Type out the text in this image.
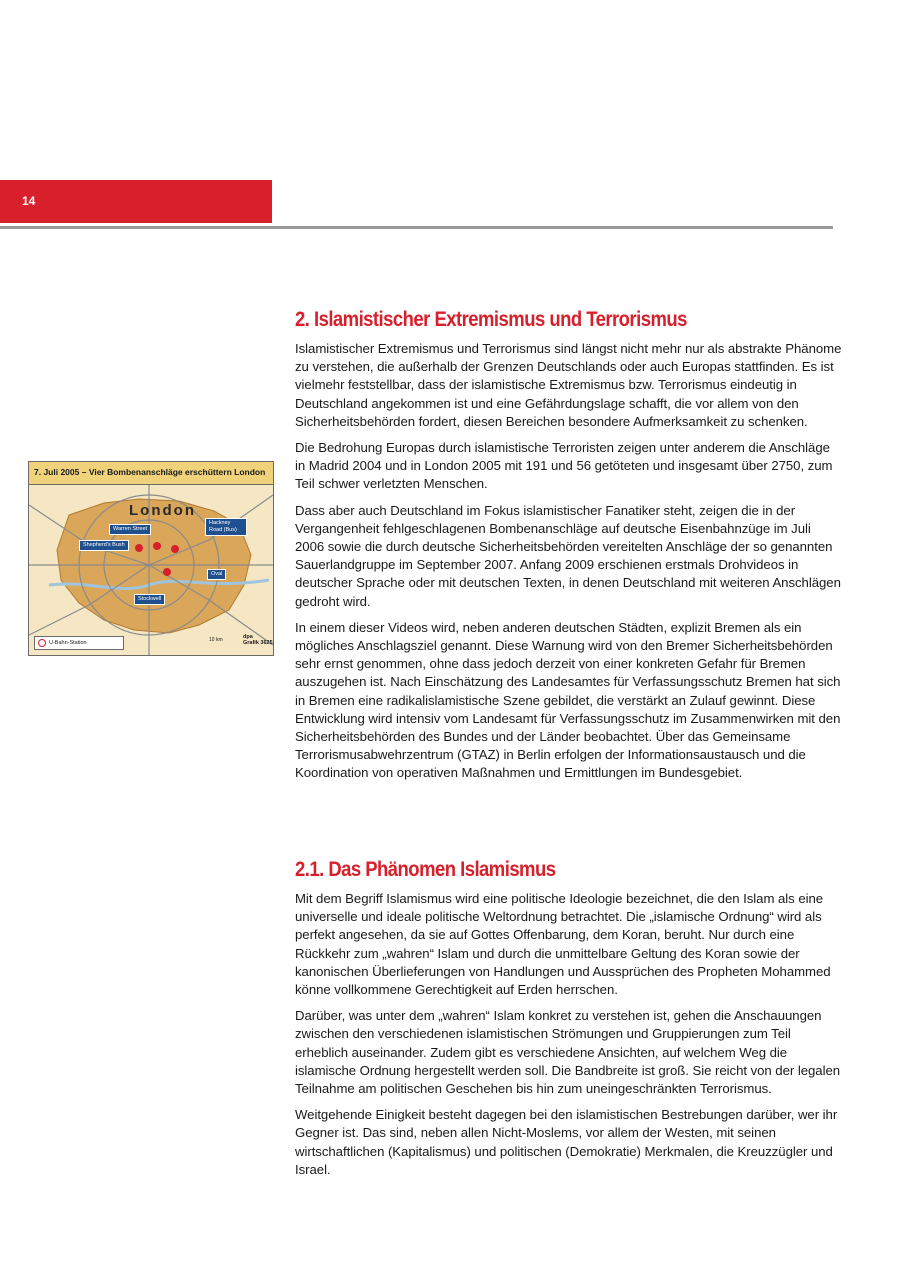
14
7. Juli 2005 – Vier Bombenanschläge erschüttern London
London
Warren Street
Hackney Road (Bus)
Shepherd's Bush
Oval
Stockwell
U-Bahn-Station	10 km	dpa
Grafik 3625
2. Islamistischer Extremismus und Terrorismus

Islamistischer Extremismus und Terrorismus sind längst nicht mehr nur als abstrakte Phänome zu verstehen, die außerhalb der Grenzen Deutschlands oder auch Europas stattfinden. Es ist vielmehr feststellbar, dass der islamistische Extremismus bzw. Terrorismus eindeutig in Deutschland angekommen ist und eine Gefährdungslage schafft, die vor allem von den Sicherheitsbehörden fordert, diesen Bereichen besondere Aufmerksamkeit zu schenken.

Die Bedrohung Europas durch islamistische Terroristen zeigen unter anderem die Anschläge in Madrid 2004 und in London 2005 mit 191 und 56 getöteten und insgesamt über 2750, zum Teil schwer verletzten Menschen.

Dass aber auch Deutschland im Fokus islamistischer Fanatiker steht, zeigen die in der Vergangenheit fehlgeschlagenen Bombenanschläge auf deutsche Eisenbahnzüge im Juli 2006 sowie die durch deutsche Sicherheitsbehörden vereitelten Anschläge der so genannten Sauerlandgruppe im September 2007. Anfang 2009 erschienen erstmals Drohvideos in deutscher Sprache oder mit deutschen Texten, in denen Deutschland mit weiteren Anschlägen gedroht wird.

In einem dieser Videos wird, neben anderen deutschen Städten, explizit Bremen als ein mögliches Anschlagsziel genannt. Diese Warnung wird von den Bremer Sicherheitsbehörden sehr ernst genommen, ohne dass jedoch derzeit von einer konkreten Gefahr für Bremen auszugehen ist. Nach Einschätzung des Landesamtes für Verfassungsschutz Bremen hat sich in Bremen eine radikalislamistische Szene gebildet, die verstärkt an Zulauf gewinnt. Diese Entwicklung wird intensiv vom Landesamt für Verfassungsschutz im Zusammenwirken mit den Sicherheitsbehörden des Bundes und der Länder beobachtet. Über das Gemeinsame Terrorismusabwehrzentrum (GTAZ) in Berlin erfolgen der Informationsaustausch und die Koordination von operativen Maßnahmen und Ermittlungen im Bundesgebiet.

2.1. Das Phänomen Islamismus

Mit dem Begriff Islamismus wird eine politische Ideologie bezeichnet, die den Islam als eine universelle und ideale politische Weltordnung betrachtet. Die „islamische Ordnung“ wird als perfekt angesehen, da sie auf Gottes Offenbarung, dem Koran, beruht. Nur durch eine Rückkehr zum „wahren“ Islam und durch die unmittelbare Geltung des Koran sowie der kanonischen Überlieferungen von Handlungen und Aussprüchen des Propheten Mohammed könne vollkommene Gerechtigkeit auf Erden herrschen.

Darüber, was unter dem „wahren“ Islam konkret zu verstehen ist, gehen die Anschauungen zwischen den verschiedenen islamistischen Strömungen und Gruppierungen zum Teil erheblich auseinander. Zudem gibt es verschiedene Ansichten, auf welchem Weg die islamische Ordnung hergestellt werden soll. Die Bandbreite ist groß. Sie reicht von der legalen Teilnahme am politischen Geschehen bis hin zum uneingeschränkten Terrorismus.

Weitgehende Einigkeit besteht dagegen bei den islamistischen Bestrebungen darüber, wer ihr Gegner ist. Das sind, neben allen Nicht-Moslems, vor allem der Westen, mit seinen wirtschaftlichen (Kapitalismus) und politischen (Demokratie) Merkmalen, die Kreuzzügler und Israel.
